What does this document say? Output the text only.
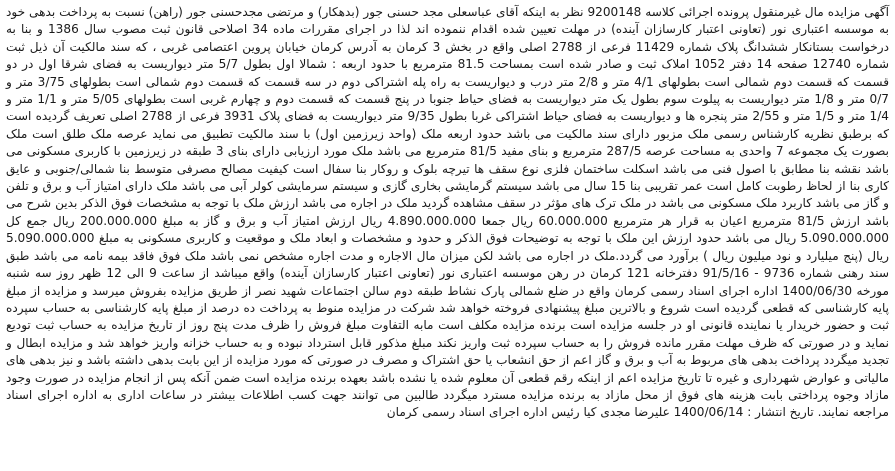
آگهی مزایده مال غیرمنقول پرونده اجرائی کلاسه 9200148 نظر به اینکه آقای عباسعلی مجد حسنی جور (بدهکار) و مرتضی مجدحسنی جور (راهن) نسبت به پرداخت بدهی خود به موسسه اعتباری نور (تعاونی اعتبار کارسازان آینده) در مهلت تعیین شده اقدام ننموده اند لذا در اجرای مقررات ماده 34 اصلاحی قانون ثبت مصوب سال 1386 و بنا به درخواست بستانکار ششدانگ پلاک شماره 11429 فرعی از 2788 اصلی واقع در بخش 3 کرمان به آدرس کرمان خیابان پروین اعتصامی غربی ، که سند مالکیت آن ذیل ثبت شماره 12740 صفحه 14 دفتر 1052 املاک ثبت و صادر شده است بمساحت 81.5 مترمربع با حدود اربعه : شمالا اول بطول 5/7 متر دیواریست به فضای شرقا اول در دو قسمت که قسمت دوم شمالی است بطولهای 4/1 متر و 2/8 متر درب و دیواریست به راه پله اشتراکی دوم در سه قسمت که قسمت دوم شمالی است بطولهای 3/75 متر و 0/7 متر و 1/8 متر دیواریست به پیلوت سوم بطول یک متر دیواریست به فضای حیاط جنوبا در پنج قسمت که قسمت دوم و چهارم غربی است بطولهای 5/05 متر و 1/1 متر و 1/4 متر و 1/5 متر و 2/55 متر پنجره ها و دیواریست به فضای حیاط اشتراکی غربا بطول 9/35 متر دیواریست به فضای پلاک 3931 فرعی از 2788 اصلی تعریف گردیده است که برطبق نظریه کارشناس رسمی ملک مزبور دارای سند مالکیت می باشد حدود اربعه ملک (واحد زیرزمین اول) با سند مالکیت تطبیق می نماید عرصه ملک طلق است ملک بصورت یک مجموعه 7 واحدی به مساحت عرصه 287/5 مترمربع و بنای مفید 81/5 مترمربع می باشد ملک مورد ارزیابی دارای بنای 3 طبقه در زیرزمین با کاربری مسکونی می باشد نقشه بنا مطابق با اصول فنی می باشد اسکلت ساختمان فلزی نوع سقف ها تیرچه بلوک و روکار بنا سفال است کیفیت مصالح مصرفی متوسط بنا شمالی/جنوبی و عایق کاری بنا از لحاظ رطوبت کامل است عمر تقریبی بنا 15 سال می باشد سیستم گرمایشی بخاری گازی و سیستم سرمایشی کولر آبی می باشد ملک دارای امتیاز آب و برق و تلفن و گاز می باشد کاربرد ملک مسکونی می باشد در ملک ترک های مؤثر در سقف مشاهده گردید ملک در اجاره می باشد ارزش ملک با توجه به مشخصات فوق الذکر بدین شرح می باشد ارزش 81/5 مترمربع اعیان به قرار هر مترمربع 60.000.000 ریال جمعا 4.890.000.000 ریال ارزش امتیاز آب و برق و گاز به مبلغ 200.000.000 ریال جمع کل 5.090.000.000 ریال می باشد حدود ارزش این ملک با توجه به توضیحات فوق الذکر و حدود و مشخصات و ابعاد ملک و موقعیت و کاربری مسکونی به مبلغ 5.090.000.000 ریال (پنج میلیارد و نود میلیون ریال ) برآورد می گردد.ملک در اجاره می باشد لکن میزان مال الاجاره و مدت اجاره مشخص نمی باشد ملک فوق فاقد بیمه نامه می باشد طبق سند رهنی شماره 9736 - 91/5/16 دفترخانه 121 کرمان در رهن موسسه اعتباری نور (تعاونی اعتبار کارسازان آینده) واقع میباشد از ساعت 9 الی 12 ظهر روز سه شنبه مورخه 1400/06/30 اداره اجرای اسناد رسمی کرمان واقع در ضلع شمالی پارک نشاط طبقه دوم سالن اجتماعات شهید نصر از طریق مزایده بفروش میرسد و مزایده از مبلغ پایه کارشناسی که قطعی گردیده است شروع و بالاترین مبلغ پیشنهادی فروخته خواهد شد شرکت در مزایده منوط به پرداخت ده درصد از مبلغ پایه کارشناسی به حساب سپرده ثبت و حضور خریدار یا نماینده قانونی او در جلسه مزایده است برنده مزایده مکلف است مابه التفاوت مبلغ فروش را ظرف مدت پنج روز از تاریخ مزایده به حساب ثبت تودیع نماید و در صورتی که ظرف مهلت مقرر مانده فروش را به حساب سپرده ثبت واریز نکند مبلغ مذکور قابل استرداد نبوده و به حساب خزانه واریز خواهد شد و مزایده ابطال و تجدید میگردد پرداخت بدهی های مربوط به آب و برق و گاز اعم از حق انشعاب یا حق اشتراک و مصرف در صورتی که مورد مزایده از این بابت بدهی داشته باشد و نیز بدهی های مالیاتی و عوارض شهرداری و غیره تا تاریخ مزایده اعم از اینکه رقم قطعی آن معلوم شده یا نشده باشد بعهده برنده مزایده است ضمن آنکه پس از انجام مزایده در صورت وجود مازاد وجوه پرداختی بابت هزینه های فوق از محل مازاد به برنده مزایده مسترد میگردد طالبین می توانند جهت کسب اطلاعات بیشتر در ساعات اداری به اداره اجرای اسناد مراجعه نمایند. تاریخ انتشار : 1400/06/14 علیرضا مجدی کیا رئیس اداره اجرای اسناد رسمی کرمان
